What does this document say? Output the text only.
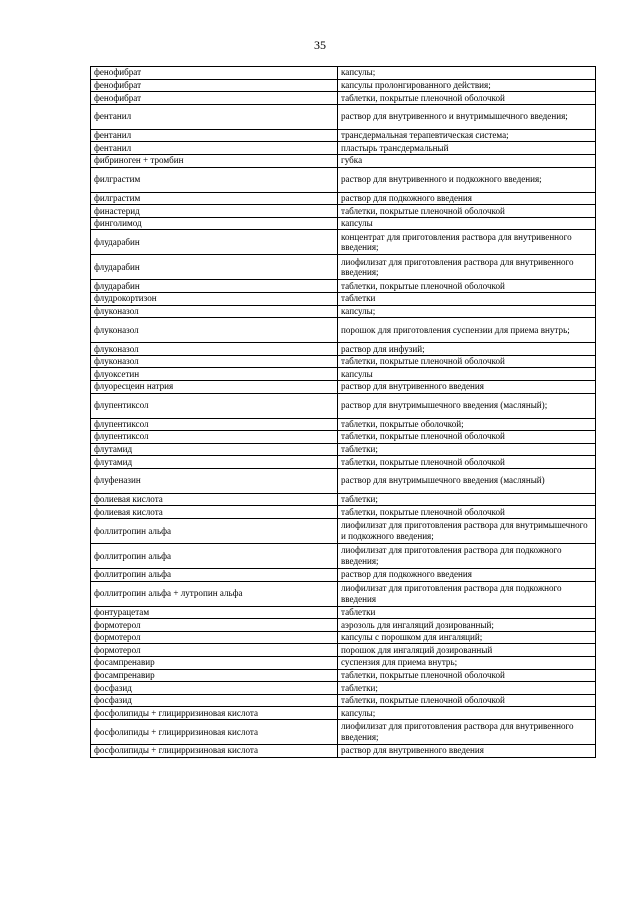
35
фенофибрат	капсулы;
фенофибрат	капсулы пролонгированного действия;
фенофибрат	таблетки, покрытые пленочной оболочкой
фентанил	раствор для внутривенного и внутримышечного введения;
фентанил	трансдермальная терапевтическая система;
фентанил	пластырь трансдермальный
фибриноген + тромбин	губка
филграстим	раствор для внутривенного и подкожного введения;
филграстим	раствор для подкожного введения
финастерид	таблетки, покрытые пленочной оболочкой
финголимод	капсулы
флударабин	концентрат для приготовления раствора для внутривенного введения;
флударабин	лиофилизат для приготовления раствора для внутривенного введения;
флударабин	таблетки, покрытые пленочной оболочкой
флудрокортизон	таблетки
флуконазол	капсулы;
флуконазол	порошок для приготовления суспензии для приема внутрь;
флуконазол	раствор для инфузий;
флуконазол	таблетки, покрытые пленочной оболочкой
флуоксетин	капсулы
флуоресцеин натрия	раствор для внутривенного введения
флупентиксол	раствор для внутримышечного введения (масляный);
флупентиксол	таблетки, покрытые оболочкой;
флупентиксол	таблетки, покрытые пленочной оболочкой
флутамид	таблетки;
флутамид	таблетки, покрытые пленочной оболочкой
флуфеназин	раствор для внутримышечного введения (масляный)
фолиевая кислота	таблетки;
фолиевая кислота	таблетки, покрытые пленочной оболочкой
фоллитропин альфа	лиофилизат для приготовления раствора для внутримышечного и подкожного введения;
фоллитропин альфа	лиофилизат для приготовления раствора для подкожного введения;
фоллитропин альфа	раствор для подкожного введения
фоллитропин альфа + лутропин альфа	лиофилизат для приготовления раствора для подкожного введения
фонтурацетам	таблетки
формотерол	аэрозоль для ингаляций дозированный;
формотерол	капсулы с порошком для ингаляций;
формотерол	порошок для ингаляций дозированный
фосампренавир	суспензия для приема внутрь;
фосампренавир	таблетки, покрытые пленочной оболочкой
фосфазид	таблетки;
фосфазид	таблетки, покрытые пленочной оболочкой
фосфолипиды + глицирризиновая кислота	капсулы;
фосфолипиды + глицирризиновая кислота	лиофилизат для приготовления раствора для внутривенного введения;
фосфолипиды + глицирризиновая кислота	раствор для внутривенного введения
